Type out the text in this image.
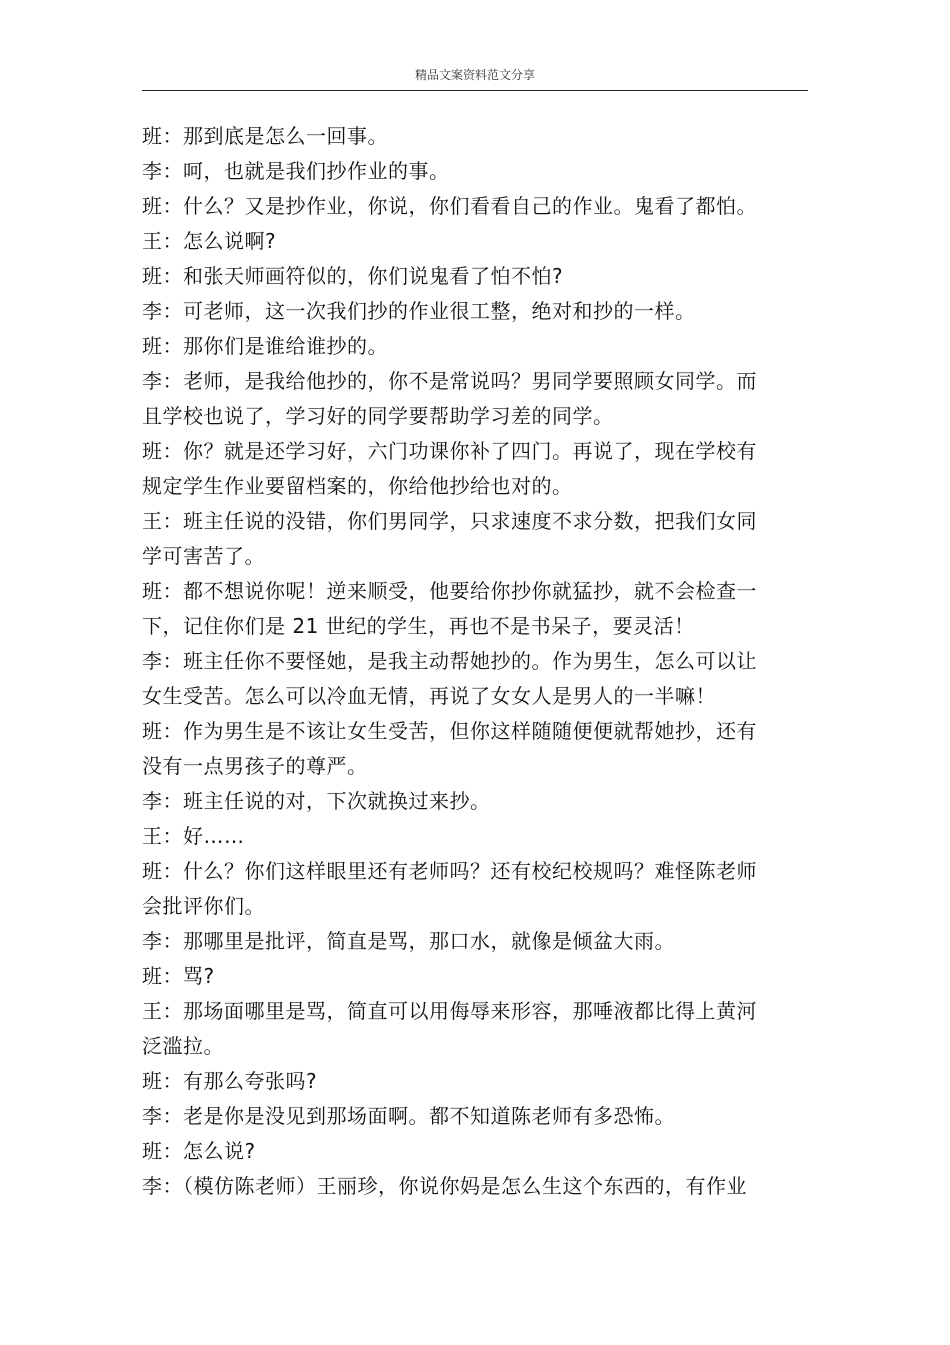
精品文案资料范文分享
班：那到底是怎么一回事。
李：呵，也就是我们抄作业的事。
班：什么？又是抄作业，你说，你们看看自己的作业。鬼看了都怕。
王：怎么说啊?
班：和张天师画符似的，你们说鬼看了怕不怕?
李：可老师，这一次我们抄的作业很工整，绝对和抄的一样。
班：那你们是谁给谁抄的。
李：老师，是我给他抄的，你不是常说吗？男同学要照顾女同学。而
且学校也说了，学习好的同学要帮助学习差的同学。
班：你？就是还学习好，六门功课你补了四门。再说了，现在学校有
规定学生作业要留档案的，你给他抄给也对的。
王：班主任说的没错，你们男同学，只求速度不求分数，把我们女同
学可害苦了。
班：都不想说你呢！逆来顺受，他要给你抄你就猛抄，就不会检查一
下，记住你们是 21 世纪的学生，再也不是书呆子，要灵活！
李：班主任你不要怪她，是我主动帮她抄的。作为男生，怎么可以让
女生受苦。怎么可以冷血无情，再说了女女人是男人的一半嘛！
班：作为男生是不该让女生受苦，但你这样随随便便就帮她抄，还有
没有一点男孩子的尊严。
李：班主任说的对，下次就换过来抄。
王：好……
班：什么？你们这样眼里还有老师吗？还有校纪校规吗？难怪陈老师
会批评你们。
李：那哪里是批评，简直是骂，那口水，就像是倾盆大雨。
班：骂?
王：那场面哪里是骂，简直可以用侮辱来形容，那唾液都比得上黄河
泛滥拉。
班：有那么夸张吗?
李：老是你是没见到那场面啊。都不知道陈老师有多恐怖。
班：怎么说?
李：（模仿陈老师）王丽珍，你说你妈是怎么生这个东西的，有作业
